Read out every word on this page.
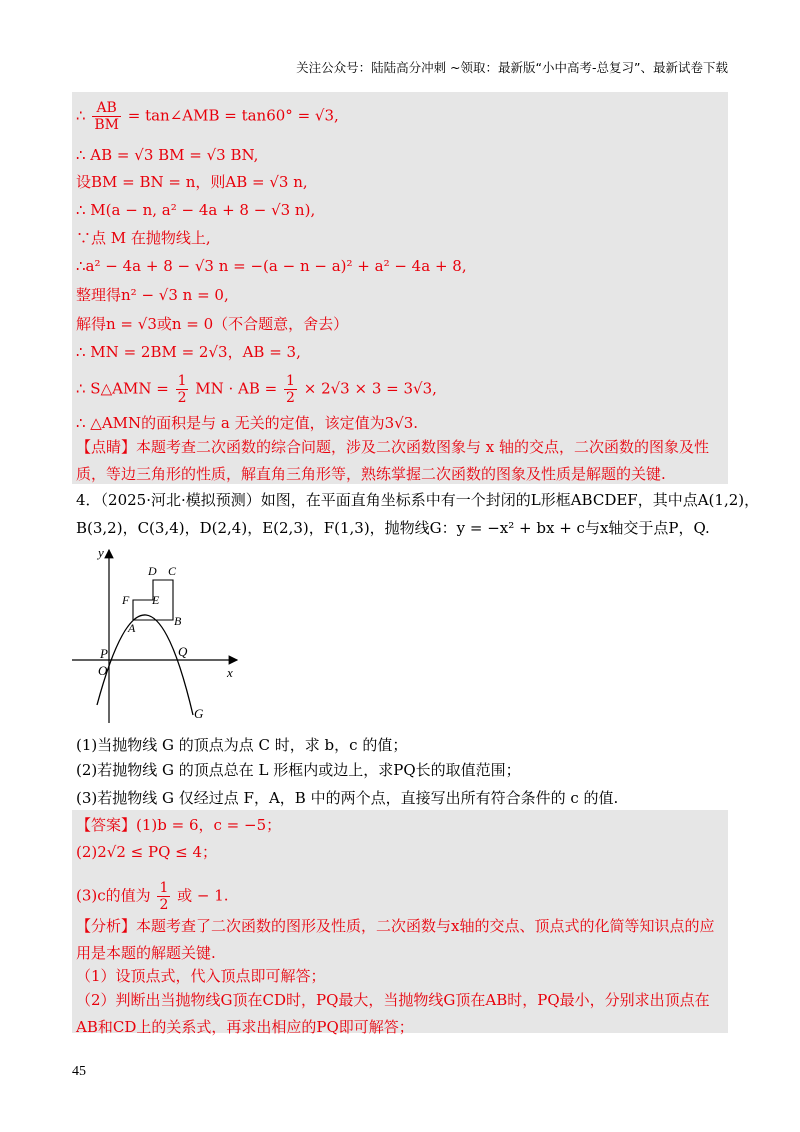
关注公众号：陆陆高分冲刺 ~领取：最新版“小中高考-总复习”、最新试卷下载
∴ $\frac{AB}{BM}$ = tan∠AMB = tan60° = √3,
∴ AB = √3 BM = √3 BN,
设BM = BN = n，则AB = √3 n,
∴ M(a − n, a² − 4a + 8 − √3 n),
∵点 M 在抛物线上,
∴a² − 4a + 8 − √3 n = −(a − n − a)² + a² − 4a + 8,
整理得n² − √3 n = 0,
解得n = √3或n = 0（不合题意，舍去）
∴ MN = 2BM = 2√3，AB = 3,
∴ S△AMN = $\frac{1}{2}$ MN · AB = $\frac{1}{2} \times 2√3 \times 3 = 3√3$,
∴ △AMN的面积是与 a 无关的定值，该定值为3√3.
【点睛】本题考查二次函数的综合问题，涉及二次函数图象与 x 轴的交点，二次函数的图象及性质，等边三角形的性质，解直角三角形等，熟练掌握二次函数的图象及性质是解题的关键.
4．（2025·河北·模拟预测）如图，在平面直角坐标系中有一个封闭的L形框ABCDEF，其中点A(1,2)，
B(3,2)，C(3,4)，D(2,4)，E(2,3)，F(1,3)，抛物线G：y = −x² + bx + c与x轴交于点P，Q.
y
x
O
P	Q
G
A	B
C
D
E
F
(1)当抛物线 G 的顶点为点 C 时，求 b，c 的值；
(2)若抛物线 G 的顶点总在 L 形框内或边上，求PQ长的取值范围；
(3)若抛物线 G 仅经过点 F，A，B 中的两个点，直接写出所有符合条件的 c 的值.
【答案】(1)b = 6，c = −5；
(2)2√2 ≤ PQ ≤ 4；
(3)c的值为 $\frac{1}{2}$ 或 − 1.
【分析】本题考查了二次函数的图形及性质，二次函数与x轴的交点、顶点式的化简等知识点的应用是本题的解题关键.
（1）设顶点式，代入顶点即可解答；
（2）判断出当抛物线G顶在CD时，PQ最大，当抛物线G顶在AB时，PQ最小，分别求出顶点在AB和CD上的关系式，再求出相应的PQ即可解答；
45
